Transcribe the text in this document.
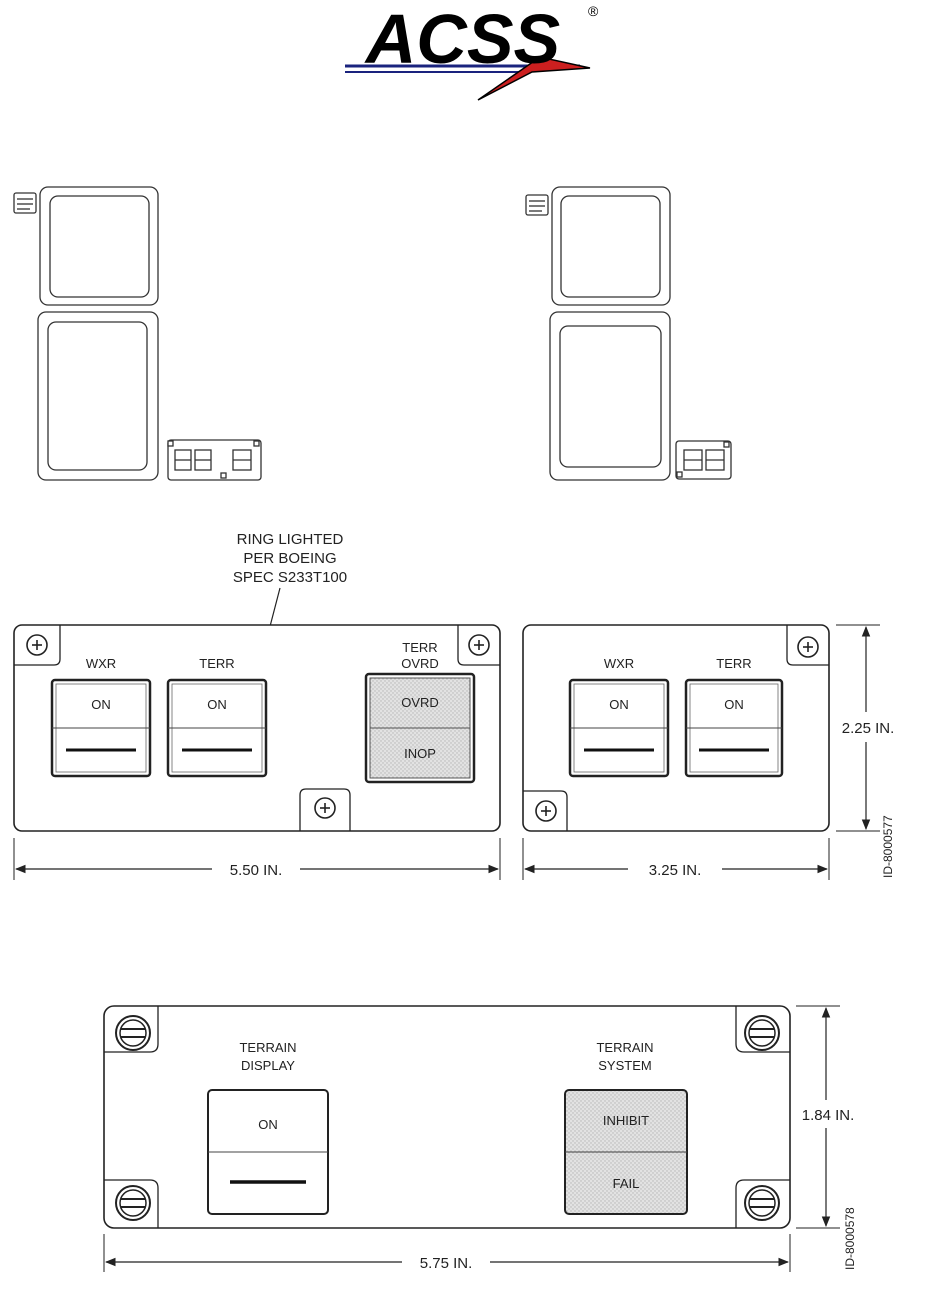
ACSS ®
RING LIGHTED
PER BOEING
SPEC S233T100
WXR
ON
TERR
ON
TERR
OVRD
OVRD
INOP
5.50 IN.
WXR
ON
TERR
ON
3.25 IN.
2.25 IN.
ID-8000577
TERRAIN
DISPLAY
ON
TERRAIN
SYSTEM
INHIBIT
FAIL
5.75 IN.
1.84 IN.
ID-8000578
